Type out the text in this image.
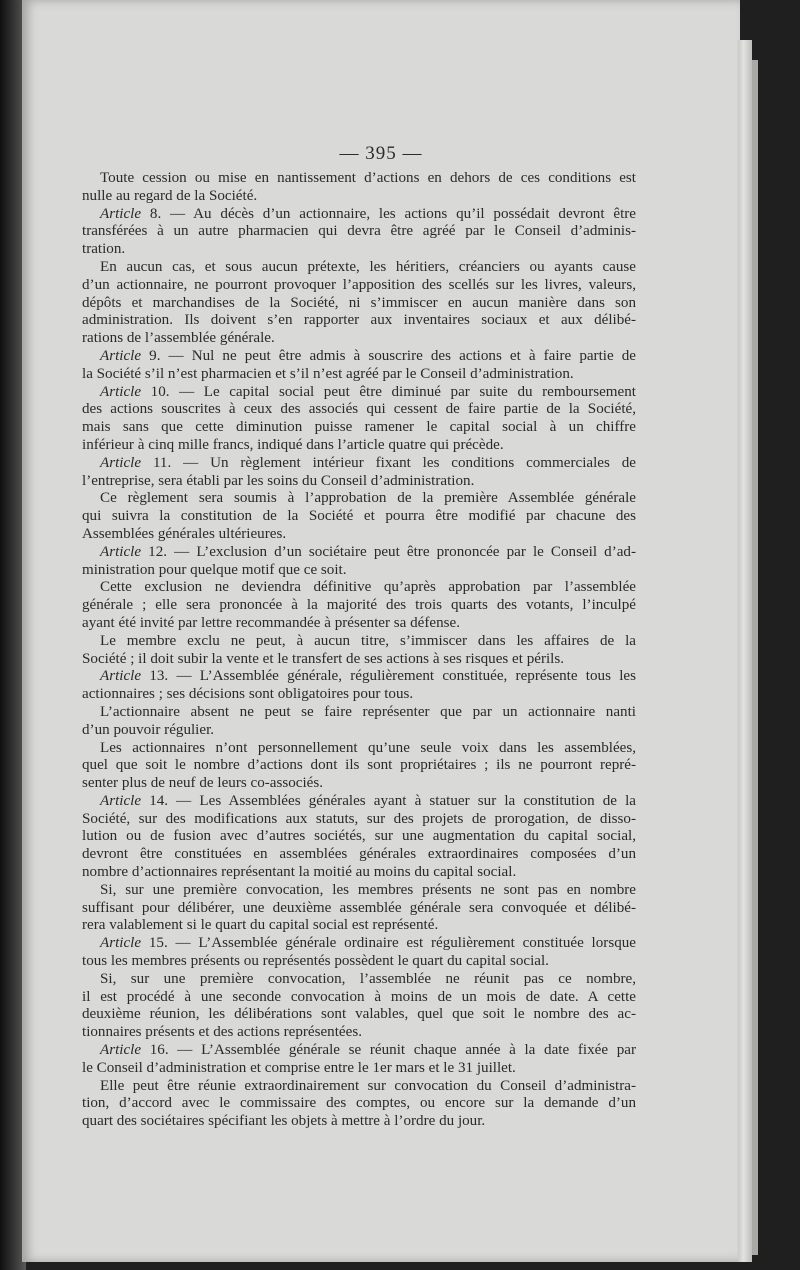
— 395 —
Toute cession ou mise en nantissement d’actions en dehors de ces conditions est
nulle au regard de la Société.
Article 8. — Au décès d’un actionnaire, les actions qu’il possédait devront être
transférées à un autre pharmacien qui devra être agréé par le Conseil d’adminis-
tration.
En aucun cas, et sous aucun prétexte, les héritiers, créanciers ou ayants cause
d’un actionnaire, ne pourront provoquer l’apposition des scellés sur les livres, valeurs,
dépôts et marchandises de la Société, ni s’immiscer en aucun manière dans son
administration. Ils doivent s’en rapporter aux inventaires sociaux et aux délibé-
rations de l’assemblée générale.
Article 9. — Nul ne peut être admis à souscrire des actions et à faire partie de
la Société s’il n’est pharmacien et s’il n’est agréé par le Conseil d’administration.
Article 10. — Le capital social peut être diminué par suite du remboursement
des actions souscrites à ceux des associés qui cessent de faire partie de la Société,
mais sans que cette diminution puisse ramener le capital social à un chiffre
inférieur à cinq mille francs, indiqué dans l’article quatre qui précède.
Article 11. — Un règlement intérieur fixant les conditions commerciales de
l’entreprise, sera établi par les soins du Conseil d’administration.
Ce règlement sera soumis à l’approbation de la première Assemblée générale
qui suivra la constitution de la Société et pourra être modifié par chacune des
Assemblées générales ultérieures.
Article 12. — L’exclusion d’un sociétaire peut être prononcée par le Conseil d’ad-
ministration pour quelque motif que ce soit.
Cette exclusion ne deviendra définitive qu’après approbation par l’assemblée
générale ; elle sera prononcée à la majorité des trois quarts des votants, l’inculpé
ayant été invité par lettre recommandée à présenter sa défense.
Le membre exclu ne peut, à aucun titre, s’immiscer dans les affaires de la
Société ; il doit subir la vente et le transfert de ses actions à ses risques et périls.
Article 13. — L’Assemblée générale, régulièrement constituée, représente tous les
actionnaires ; ses décisions sont obligatoires pour tous.
L’actionnaire absent ne peut se faire représenter que par un actionnaire nanti
d’un pouvoir régulier.
Les actionnaires n’ont personnellement qu’une seule voix dans les assemblées,
quel que soit le nombre d’actions dont ils sont propriétaires ; ils ne pourront repré-
senter plus de neuf de leurs co-associés.
Article 14. — Les Assemblées générales ayant à statuer sur la constitution de la
Société, sur des modifications aux statuts, sur des projets de prorogation, de disso-
lution ou de fusion avec d’autres sociétés, sur une augmentation du capital social,
devront être constituées en assemblées générales extraordinaires composées d’un
nombre d’actionnaires représentant la moitié au moins du capital social.
Si, sur une première convocation, les membres présents ne sont pas en nombre
suffisant pour délibérer, une deuxième assemblée générale sera convoquée et délibé-
rera valablement si le quart du capital social est représenté.
Article 15. — L’Assemblée générale ordinaire est régulièrement constituée lorsque
tous les membres présents ou représentés possèdent le quart du capital social.
Si, sur une première convocation, l’assemblée ne réunit pas ce nombre,
il est procédé à une seconde convocation à moins de un mois de date. A cette
deuxième réunion, les délibérations sont valables, quel que soit le nombre des ac-
tionnaires présents et des actions représentées.
Article 16. — L’Assemblée générale se réunit chaque année à la date fixée par
le Conseil d’administration et comprise entre le 1er mars et le 31 juillet.
Elle peut être réunie extraordinairement sur convocation du Conseil d’administra-
tion, d’accord avec le commissaire des comptes, ou encore sur la demande d’un
quart des sociétaires spécifiant les objets à mettre à l’ordre du jour.
